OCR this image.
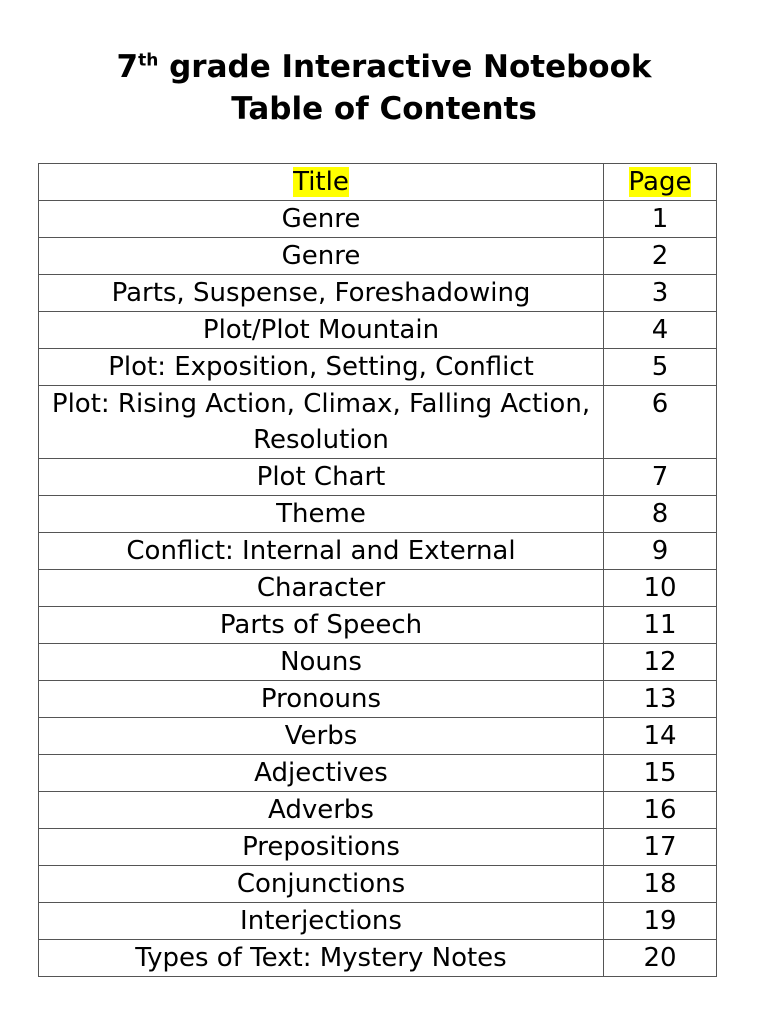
7th grade Interactive Notebook
Table of Contents
Title	Page
Genre	1
Genre	2
Parts, Suspense, Foreshadowing	3
Plot/Plot Mountain	4
Plot: Exposition, Setting, Conflict	5
Plot: Rising Action, Climax, Falling Action, Resolution	6
Plot Chart	7
Theme	8
Conflict: Internal and External	9
Character	10
Parts of Speech	11
Nouns	12
Pronouns	13
Verbs	14
Adjectives	15
Adverbs	16
Prepositions	17
Conjunctions	18
Interjections	19
Types of Text: Mystery Notes	20
